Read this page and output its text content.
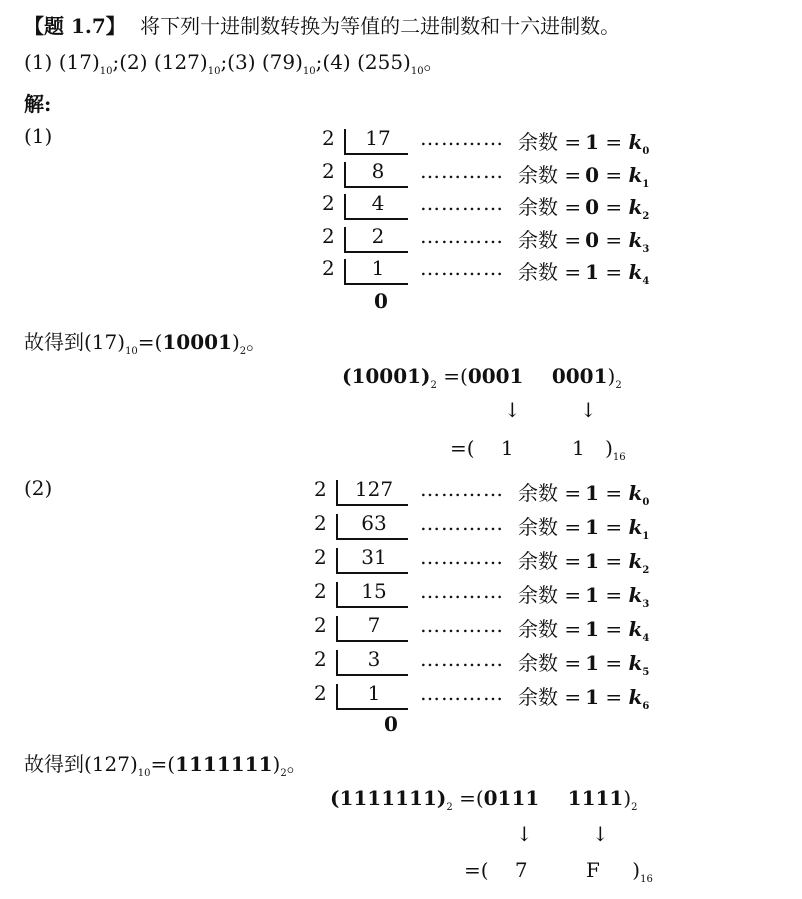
【题 1.7】 将下列十进制数转换为等值的二进制数和十六进制数。
(1) $(17)_{10};(2)$ $(127)_{10};(3)$ $(79)_{10};(4)$ $(255)_{10}$。
解:
(1)	2	17	………… 余数 = $1 = k_0$
2	8	………… 余数 = $0 = k_1$
2	4	………… 余数 = $0 = k_2$
2	2	………… 余数 = $0 = k_3$
2	1	………… 余数 = $1 = k_4$
0
故得到$(17)_{10}=(10001)_2$。
$(10001)_2 =(0001$ $0001)_2$
↓	↓
=( 1	1 )$_{16}$
(2)	2	127	………… 余数 = $1 = k_0$
2	63	………… 余数 = $1 = k_1$
2	31	………… 余数 = $1 = k_2$
2	15	………… 余数 = $1 = k_3$
2	7	………… 余数 = $1 = k_4$
2	3	………… 余数 = $1 = k_5$
2	1	………… 余数 = $1 = k_6$
0
故得到$(127)_{10}=(1111111)_2$。
$(1111111)_2 =(0111$ $1111)_2$
↓	↓
=( 7	F )$_{16}$
